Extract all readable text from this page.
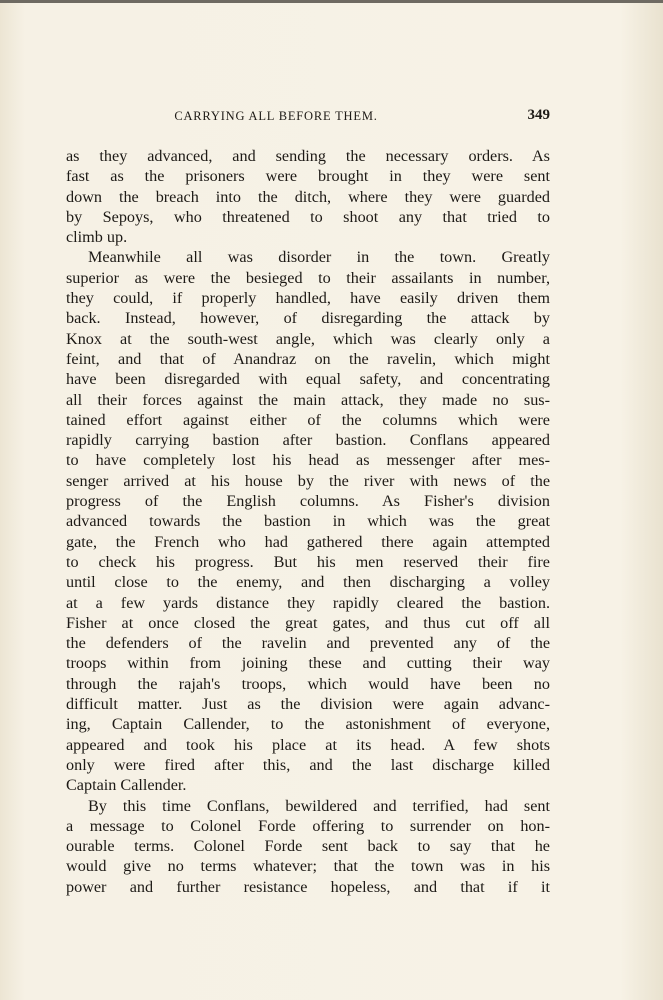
CARRYING ALL BEFORE THEM.	349
as they advanced, and sending the necessary orders. As
fast as the prisoners were brought in they were sent
down the breach into the ditch, where they were guarded
by Sepoys, who threatened to shoot any that tried to
climb up.
Meanwhile all was disorder in the town. Greatly
superior as were the besieged to their assailants in number,
they could, if properly handled, have easily driven them
back. Instead, however, of disregarding the attack by
Knox at the south-west angle, which was clearly only a
feint, and that of Anandraz on the ravelin, which might
have been disregarded with equal safety, and concentrating
all their forces against the main attack, they made no sus-
tained effort against either of the columns which were
rapidly carrying bastion after bastion. Conflans appeared
to have completely lost his head as messenger after mes-
senger arrived at his house by the river with news of the
progress of the English columns. As Fisher's division
advanced towards the bastion in which was the great
gate, the French who had gathered there again attempted
to check his progress. But his men reserved their fire
until close to the enemy, and then discharging a volley
at a few yards distance they rapidly cleared the bastion.
Fisher at once closed the great gates, and thus cut off all
the defenders of the ravelin and prevented any of the
troops within from joining these and cutting their way
through the rajah's troops, which would have been no
difficult matter. Just as the division were again advanc-
ing, Captain Callender, to the astonishment of everyone,
appeared and took his place at its head. A few shots
only were fired after this, and the last discharge killed
Captain Callender.
By this time Conflans, bewildered and terrified, had sent
a message to Colonel Forde offering to surrender on hon-
ourable terms. Colonel Forde sent back to say that he
would give no terms whatever; that the town was in his
power and further resistance hopeless, and that if it
